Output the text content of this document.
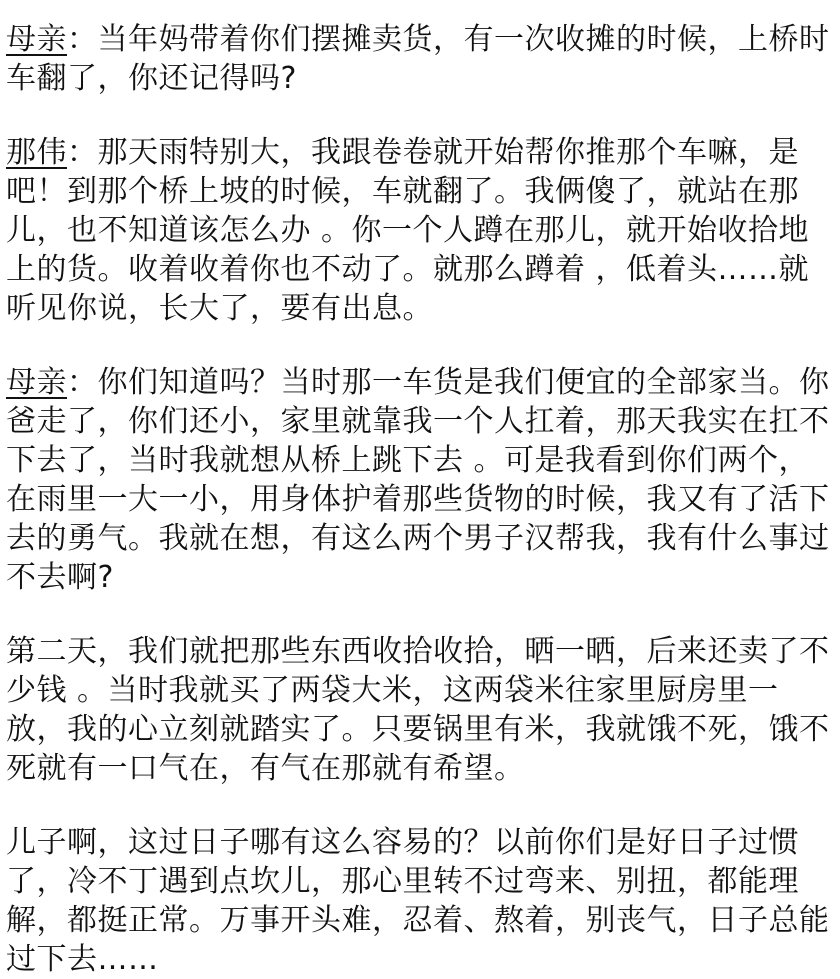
母亲：当年妈带着你们摆摊卖货，有一次收摊的时候，上桥时车翻了，你还记得吗?

那伟：那天雨特别大，我跟卷卷就开始帮你推那个车嘛，是吧！到那个桥上坡的时候，车就翻了。我俩傻了，就站在那儿，也不知道该怎么办 。你一个人蹲在那儿，就开始收拾地上的货。收着收着你也不动了。就那么蹲着 ，低着头……就听见你说，长大了，要有出息。

母亲：你们知道吗？当时那一车货是我们便宜的全部家当。你爸走了，你们还小，家里就靠我一个人扛着，那天我实在扛不下去了，当时我就想从桥上跳下去 。可是我看到你们两个，在雨里一大一小，用身体护着那些货物的时候，我又有了活下去的勇气。我就在想，有这么两个男子汉帮我，我有什么事过不去啊?

第二天，我们就把那些东西收拾收拾，晒一晒，后来还卖了不少钱 。当时我就买了两袋大米，这两袋米往家里厨房里一放，我的心立刻就踏实了。只要锅里有米，我就饿不死，饿不死就有一口气在，有气在那就有希望。

儿子啊，这过日子哪有这么容易的？以前你们是好日子过惯了，冷不丁遇到点坎儿，那心里转不过弯来、别扭，都能理解，都挺正常。万事开头难，忍着、熬着，别丧气，日子总能过下去……
